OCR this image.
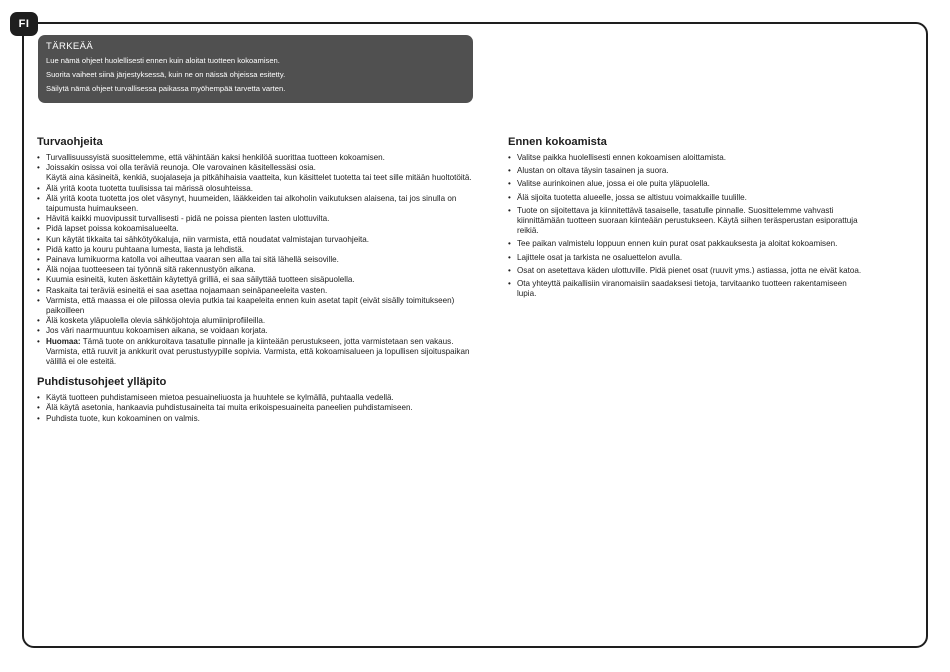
FI
TÄRKEÄÄ
Lue nämä ohjeet huolellisesti ennen kuin aloitat tuotteen kokoamisen.
Suorita vaiheet siinä järjestyksessä, kuin ne on näissä ohjeissa esitetty.
Säilytä nämä ohjeet turvallisessa paikassa myöhempää tarvetta varten.
Turvaohjeita
• Turvallisuussyistä suosittelemme, että vähintään kaksi henkilöä suorittaa tuotteen kokoamisen.
• Joissakin osissa voi olla teräviä reunoja. Ole varovainen käsitellessäsi osia.
Käytä aina käsineitä, kenkiä, suojalaseja ja pitkähihaisia vaatteita, kun käsittelet tuotetta tai teet sille mitään huoltotöitä.
• Älä yritä koota tuotetta tuulisissa tai märissä olosuhteissa.
• Älä yritä koota tuotetta jos olet väsynyt, huumeiden, lääkkeiden tai alkoholin vaikutuksen alaisena, tai jos sinulla on taipumusta huimaukseen.
• Hävitä kaikki muovipussit turvallisesti - pidä ne poissa pienten lasten ulottuvilta.
• Pidä lapset poissa kokoamisalueelta.
• Kun käytät tikkaita tai sähkötyökaluja, niin varmista, että noudatat valmistajan turvaohjeita.
• Pidä katto ja kouru puhtaana lumesta, liasta ja lehdistä.
• Painava lumikuorma katolla voi aiheuttaa vaaran sen alla tai sitä lähellä seisoville.
• Älä nojaa tuotteeseen tai työnnä sitä rakennustyön aikana.
• Kuumia esineitä, kuten äskettäin käytettyä grilliä, ei saa säilyttää tuotteen sisäpuolella.
• Raskaita tai teräviä esineitä ei saa asettaa nojaamaan seinäpaneeleita vasten.
• Varmista, että maassa ei ole piilossa olevia putkia tai kaapeleita ennen kuin asetat tapit (eivät sisälly toimitukseen) paikoilleen
• Älä kosketa yläpuolella olevia sähköjohtoja alumiiniprofiileilla.
• Jos väri naarmuuntuu kokoamisen aikana, se voidaan korjata.
• Huomaa: Tämä tuote on ankkuroitava tasatulle pinnalle ja kiinteään perustukseen, jotta varmistetaan sen vakaus. Varmista, että ruuvit ja ankkurit ovat perustustyypille sopivia. Varmista, että kokoamisalueen ja lopullisen sijoituspaikan välillä ei ole esteitä.
Puhdistusohjeet ylläpito
• Käytä tuotteen puhdistamiseen mietoa pesuaineliuosta ja huuhtele se kylmällä, puhtaalla vedellä.
• Älä käytä asetonia, hankaavia puhdistusaineita tai muita erikoispesuaineita paneelien puhdistamiseen.
• Puhdista tuote, kun kokoaminen on valmis.
Ennen kokoamista
• Valitse paikka huolellisesti ennen kokoamisen aloittamista.
• Alustan on oltava täysin tasainen ja suora.
• Valitse aurinkoinen alue, jossa ei ole puita yläpuolella.
• Älä sijoita tuotetta alueelle, jossa se altistuu voimakkaille tuulille.
• Tuote on sijoitettava ja kiinnitettävä tasaiselle, tasatulle pinnalle. Suosittelemme vahvasti kiinnittämään tuotteen suoraan kiinteään perustukseen. Käytä siihen teräsperustan esiporattuja reikiä.
• Tee paikan valmistelu loppuun ennen kuin purat osat pakkauksesta ja aloitat kokoamisen.
• Lajittele osat ja tarkista ne osaluettelon avulla.
• Osat on asetettava käden ulottuville. Pidä pienet osat (ruuvit yms.) astiassa, jotta ne eivät katoa.
• Ota yhteyttä paikallisiin viranomaisiin saadaksesi tietoja, tarvitaanko tuotteen rakentamiseen lupia.
